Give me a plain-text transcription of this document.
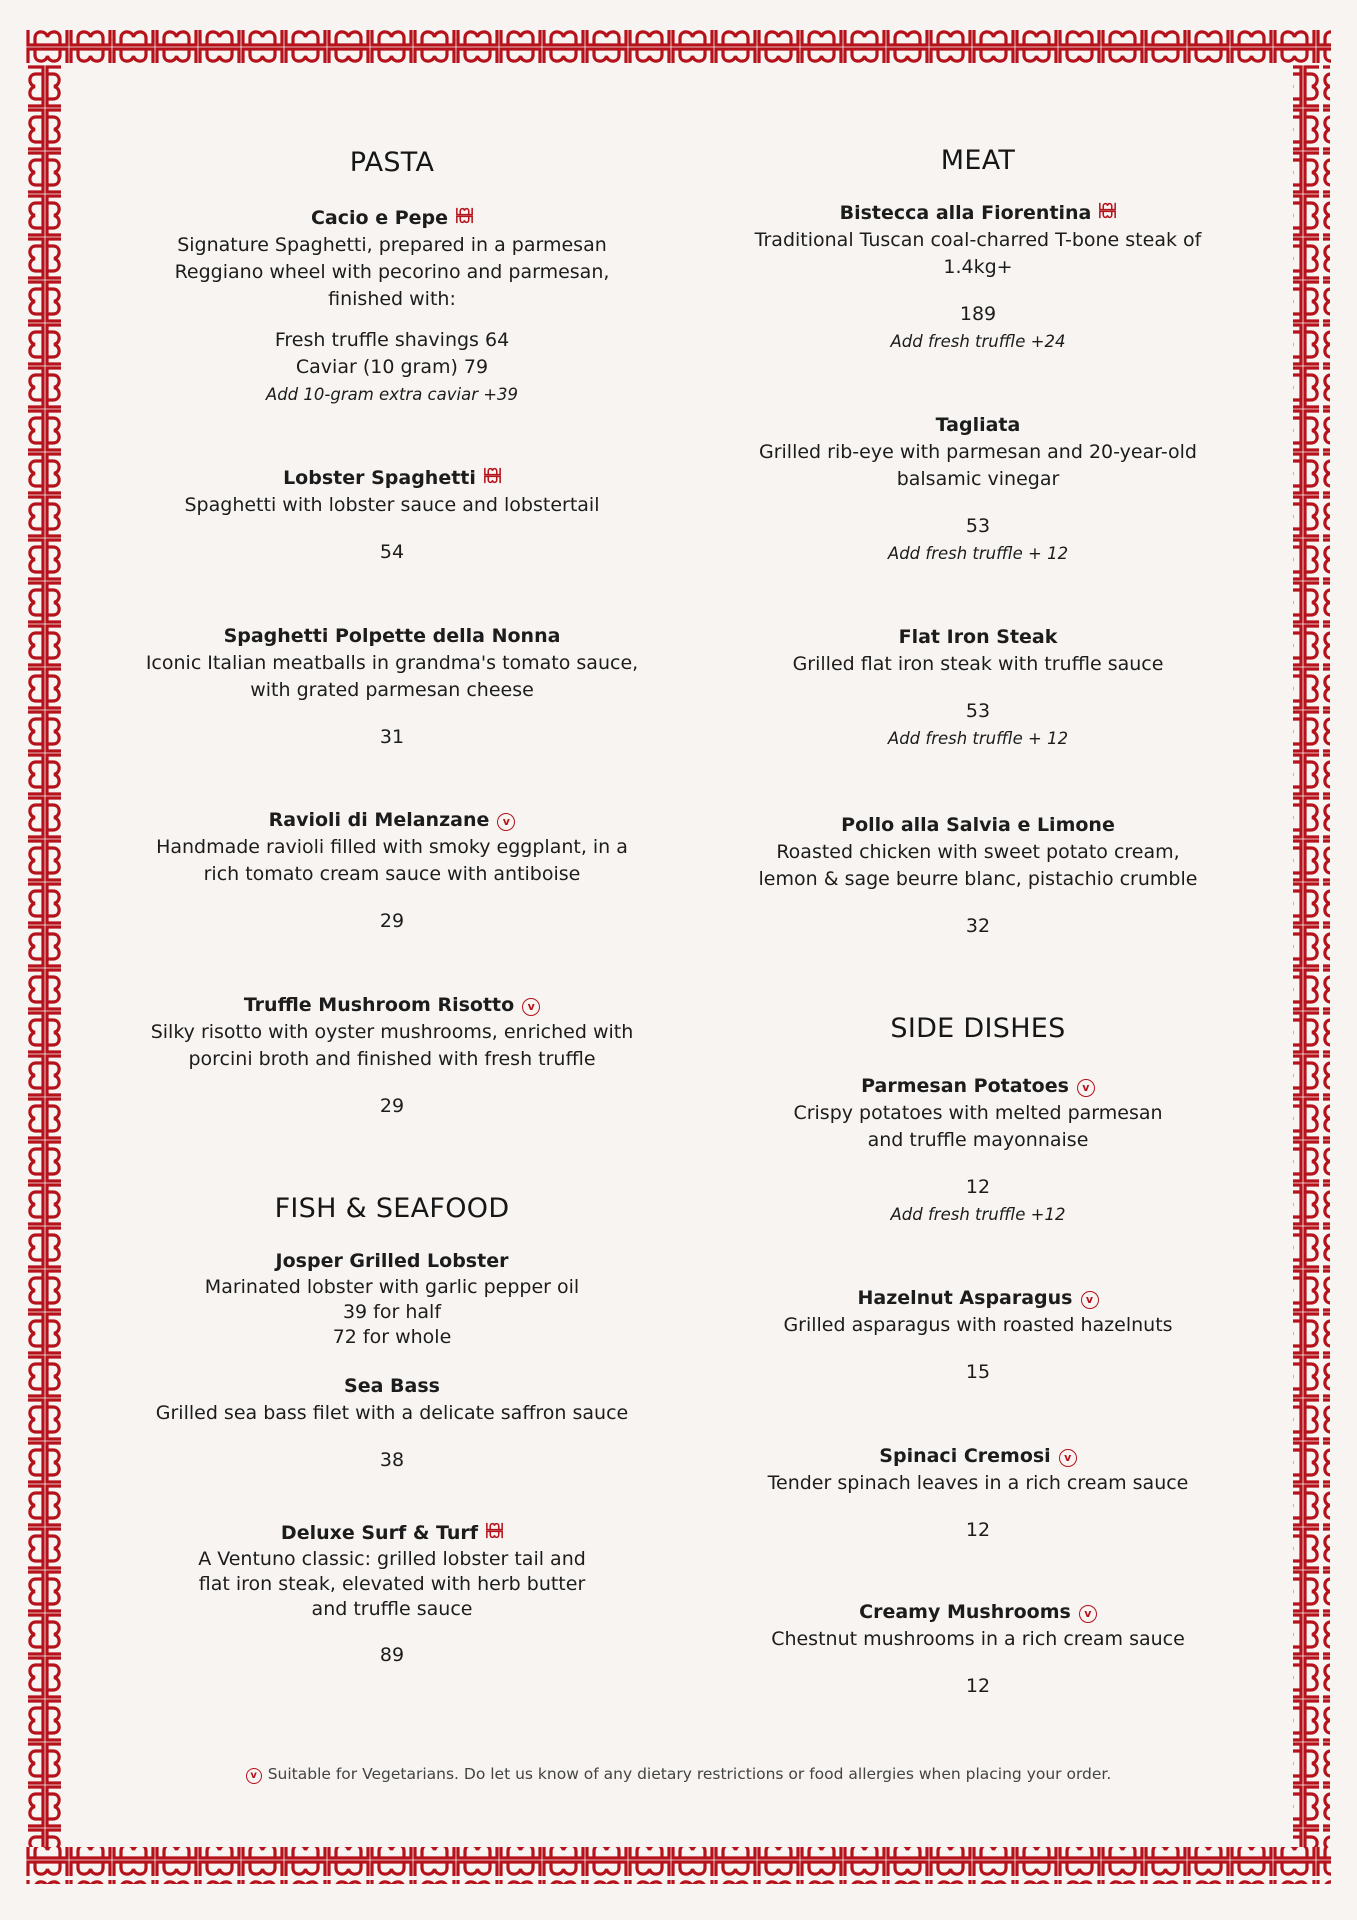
PASTA
Cacio e Pepe
Signature Spaghetti, prepared in a parmesan
Reggiano wheel with pecorino and parmesan,
finished with:
Fresh truffle shavings 64
Caviar (10 gram) 79
Add 10-gram extra caviar +39
Lobster Spaghetti
Spaghetti with lobster sauce and lobstertail
54
Spaghetti Polpette della Nonna
Iconic Italian meatballs in grandma's tomato sauce,
with grated parmesan cheese
31
Ravioli di Melanzane v
Handmade ravioli filled with smoky eggplant, in a
rich tomato cream sauce with antiboise
29
Truffle Mushroom Risotto v
Silky risotto with oyster mushrooms, enriched with
porcini broth and finished with fresh truffle
29
FISH & SEAFOOD
Josper Grilled Lobster
Marinated lobster with garlic pepper oil
39 for half
72 for whole
Sea Bass
Grilled sea bass filet with a delicate saffron sauce
38
Deluxe Surf & Turf
A Ventuno classic: grilled lobster tail and
flat iron steak, elevated with herb butter
and truffle sauce
89
MEAT
Bistecca alla Fiorentina
Traditional Tuscan coal-charred T-bone steak of
1.4kg+
189
Add fresh truffle +24
Tagliata
Grilled rib-eye with parmesan and 20-year-old
balsamic vinegar
53
Add fresh truffle + 12
Flat Iron Steak
Grilled flat iron steak with truffle sauce
53
Add fresh truffle + 12
Pollo alla Salvia e Limone
Roasted chicken with sweet potato cream,
lemon & sage beurre blanc, pistachio crumble
32
SIDE DISHES
Parmesan Potatoes v
Crispy potatoes with melted parmesan
and truffle mayonnaise
12
Add fresh truffle +12
Hazelnut Asparagus v
Grilled asparagus with roasted hazelnuts
15
Spinaci Cremosi v
Tender spinach leaves in a rich cream sauce
12
Creamy Mushrooms v
Chestnut mushrooms in a rich cream sauce
12
v Suitable for Vegetarians. Do let us know of any dietary restrictions or food allergies when placing your order.
